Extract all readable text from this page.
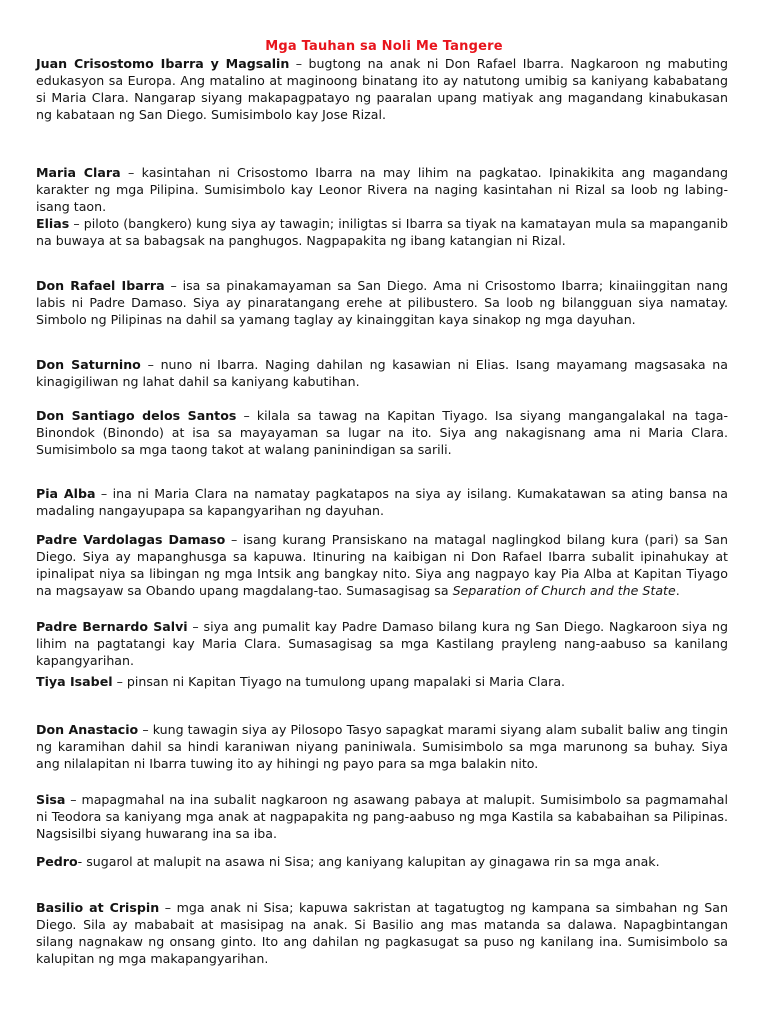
Mga Tauhan sa Noli Me Tangere

Juan Crisostomo Ibarra y Magsalin – bugtong na anak ni Don Rafael Ibarra. Nagkaroon ng mabuting edukasyon sa Europa. Ang matalino at maginoong binatang ito ay natutong umibig sa kaniyang kababatang si Maria Clara. Nangarap siyang makapagpatayo ng paaralan upang matiyak ang magandang kinabukasan ng kabataan ng San Diego. Sumisimbolo kay Jose Rizal.

Maria Clara – kasintahan ni Crisostomo Ibarra na may lihim na pagkatao. Ipinakikita ang magandang karakter ng mga Pilipina. Sumisimbolo kay Leonor Rivera na naging kasintahan ni Rizal sa loob ng labing-isang taon.

Elias – piloto (bangkero) kung siya ay tawagin; iniligtas si Ibarra sa tiyak na kamatayan mula sa mapanganib na buwaya at sa babagsak na panghugos. Nagpapakita ng ibang katangian ni Rizal.

Don Rafael Ibarra – isa sa pinakamayaman sa San Diego. Ama ni Crisostomo Ibarra; kinaiinggitan nang labis ni Padre Damaso. Siya ay pinaratangang erehe at pilibustero. Sa loob ng bilangguan siya namatay. Simbolo ng Pilipinas na dahil sa yamang taglay ay kinainggitan kaya sinakop ng mga dayuhan.

Don Saturnino – nuno ni Ibarra. Naging dahilan ng kasawian ni Elias. Isang mayamang magsasaka na kinagigiliwan ng lahat dahil sa kaniyang kabutihan.

Don Santiago delos Santos – kilala sa tawag na Kapitan Tiyago. Isa siyang mangangalakal na taga-Binondok (Binondo) at isa sa mayayaman sa lugar na ito. Siya ang nakagisnang ama ni Maria Clara. Sumisimbolo sa mga taong takot at walang paninindigan sa sarili.

Pia Alba – ina ni Maria Clara na namatay pagkatapos na siya ay isilang. Kumakatawan sa ating bansa na madaling nangayupapa sa kapangyarihan ng dayuhan.

Padre Vardolagas Damaso – isang kurang Pransiskano na matagal naglingkod bilang kura (pari) sa San Diego. Siya ay mapanghusga sa kapuwa. Itinuring na kaibigan ni Don Rafael Ibarra subalit ipinahukay at ipinalipat niya sa libingan ng mga Intsik ang bangkay nito. Siya ang nagpayo kay Pia Alba at Kapitan Tiyago na magsayaw sa Obando upang magdalang-tao. Sumasagisag sa Separation of Church and the State.

Padre Bernardo Salvi – siya ang pumalit kay Padre Damaso bilang kura ng San Diego. Nagkaroon siya ng lihim na pagtatangi kay Maria Clara. Sumasagisag sa mga Kastilang prayleng nang-aabuso sa kanilang kapangyarihan.

Tiya Isabel – pinsan ni Kapitan Tiyago na tumulong upang mapalaki si Maria Clara.

Don Anastacio – kung tawagin siya ay Pilosopo Tasyo sapagkat marami siyang alam subalit baliw ang tingin ng karamihan dahil sa hindi karaniwan niyang paniniwala. Sumisimbolo sa mga marunong sa buhay. Siya ang nilalapitan ni Ibarra tuwing ito ay hihingi ng payo para sa mga balakin nito.

Sisa – mapagmahal na ina subalit nagkaroon ng asawang pabaya at malupit. Sumisimbolo sa pagmamahal ni Teodora sa kaniyang mga anak at nagpapakita ng pang-aabuso ng mga Kastila sa kababaihan sa Pilipinas. Nagsisilbi siyang huwarang ina sa iba.

Pedro- sugarol at malupit na asawa ni Sisa; ang kaniyang kalupitan ay ginagawa rin sa mga anak.

Basilio at Crispin – mga anak ni Sisa; kapuwa sakristan at tagatugtog ng kampana sa simbahan ng San Diego. Sila ay mababait at masisipag na anak. Si Basilio ang mas matanda sa dalawa. Napagbintangan silang nagnakaw ng onsang ginto. Ito ang dahilan ng pagkasugat sa puso ng kanilang ina. Sumisimbolo sa kalupitan ng mga makapangyarihan.
